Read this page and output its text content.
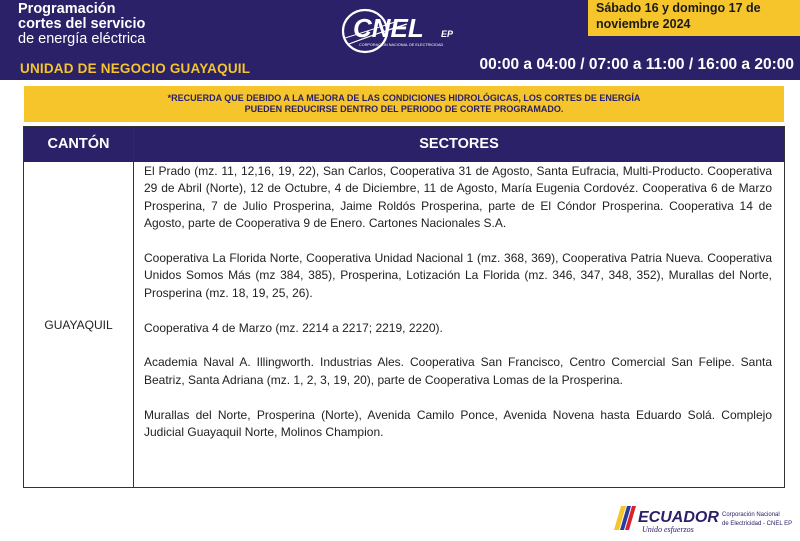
Programación
cortes del servicio
de energía eléctrica	CNEL EP
CORPORACIÓN NACIONAL DE ELECTRICIDAD
Sábado 16 y domingo 17 de
noviembre 2024
UNIDAD DE NEGOCIO GUAYAQUIL	00:00 a 04:00 / 07:00 a 11:00 / 16:00 a 20:00
*RECUERDA QUE DEBIDO A LA MEJORA DE LAS CONDICIONES HIDROLÓGICAS, LOS CORTES DE ENERGÍA
PUEDEN REDUCIRSE DENTRO DEL PERIODO DE CORTE PROGRAMADO.
CANTÓN	SECTORES
GUAYAQUIL

El Prado (mz. 11, 12,16, 19, 22), San Carlos, Cooperativa 31 de Agosto, Santa Eufracia, Multi-Producto. Cooperativa 29 de Abril (Norte), 12 de Octubre, 4 de Diciembre, 11 de Agosto, María Eugenia Cordovéz. Cooperativa 6 de Marzo Prosperina, 7 de Julio Prosperina, Jaime Roldós Prosperina, parte de El Cóndor Prosperina. Cooperativa 14 de Agosto, parte de Cooperativa 9 de Enero. Cartones Nacionales S.A.

Cooperativa La Florida Norte, Cooperativa Unidad Nacional 1 (mz. 368, 369), Cooperativa Patria Nueva. Cooperativa Unidos Somos Más (mz 384, 385), Prosperina, Lotización La Florida (mz. 346, 347, 348, 352), Murallas del Norte, Prosperina (mz. 18, 19, 25, 26).

Cooperativa 4 de Marzo (mz. 2214 a 2217; 2219, 2220).

Academia Naval A. Illingworth. Industrias Ales. Cooperativa San Francisco, Centro Comercial San Felipe. Santa Beatriz, Santa Adriana (mz. 1, 2, 3, 19, 20), parte de Cooperativa Lomas de la Prosperina.

Murallas del Norte, Prosperina (Norte), Avenida Camilo Ponce, Avenida Novena hasta Eduardo Solá. Complejo Judicial Guayaquil Norte, Molinos Champion.

ECUADOR
Unido esfuerzos
Corporación Nacional
de Electricidad - CNEL EP
